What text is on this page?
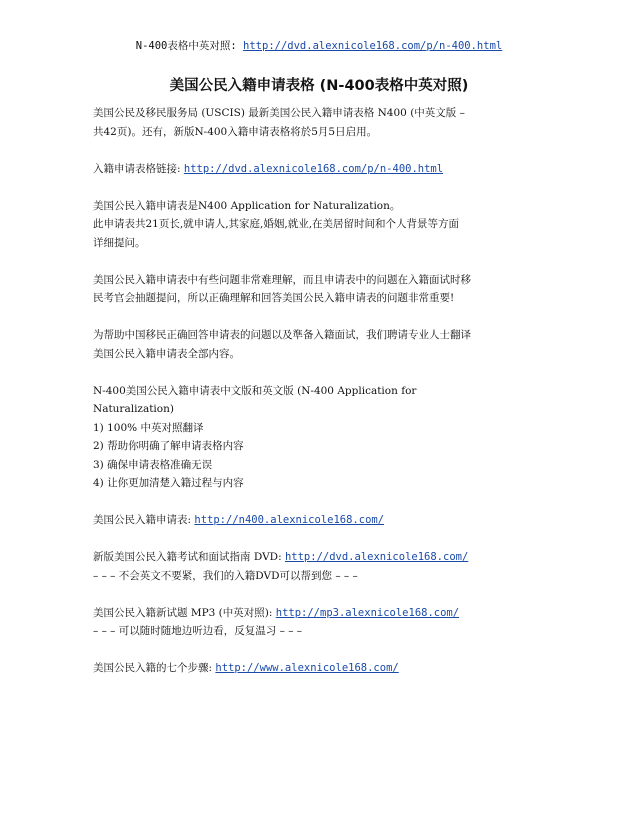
N-400表格中英对照: http://dvd.alexnicole168.com/p/n-400.html
美国公民入籍申请表格 (N-400表格中英对照)
美国公民及移民服务局 (USCIS) 最新美国公民入籍申请表格 N400 (中英文版 –
共42页)。还有，新版N-400入籍申请表格将於5月5日启用。
入籍申请表格链接: http://dvd.alexnicole168.com/p/n-400.html
美国公民入籍申请表是N400 Application for Naturalization。
此申请表共21页长,就申请人,其家庭,婚姻,就业,在美居留时间和个人背景等方面
详细提问。
美国公民入籍申请表中有些问题非常难理解，而且申请表中的问题在入籍面试时移
民考官会抽题提问，所以正确理解和回答美国公民入籍申请表的问题非常重要!
为帮助中国移民正确回答申请表的问题以及準备入籍面试，我们聘请专业人士翻译
美国公民入籍申请表全部内容。
N-400美国公民入籍申请表中文版和英文版 (N-400 Application for
Naturalization)
1) 100% 中英对照翻译
2) 帮助你明确了解申请表格内容
3) 确保申请表格准确无误
4) 让你更加清楚入籍过程与内容
美国公民入籍申请表: http://n400.alexnicole168.com/
新版美国公民入籍考试和面试指南 DVD: http://dvd.alexnicole168.com/
– – – 不会英文不要紧，我们的入籍DVD可以帮到您 – – –
美国公民入籍新试题 MP3 (中英对照): http://mp3.alexnicole168.com/
– – – 可以随时随地边听边看，反复温习 – – –
美国公民入籍的七个步骤: http://www.alexnicole168.com/
